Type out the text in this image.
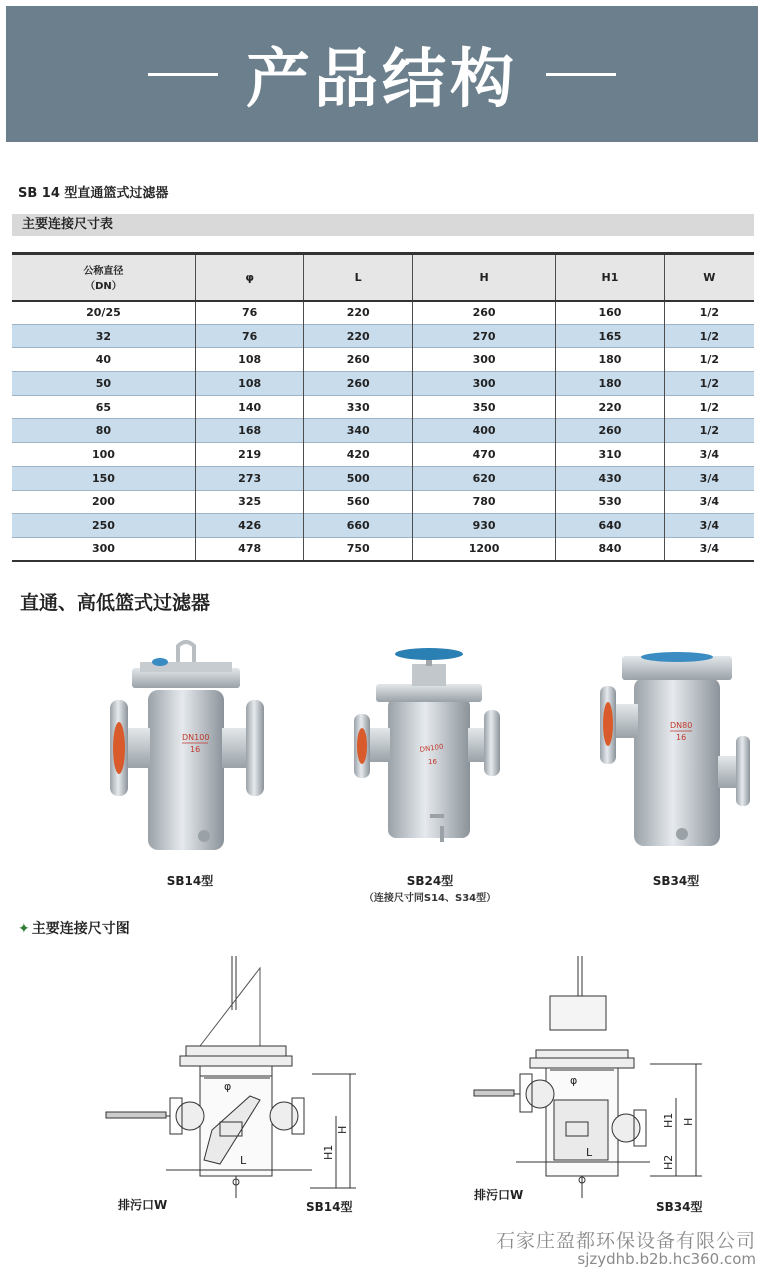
产品结构
SB 14 型直通篮式过滤器
主要连接尺寸表
公称直径
（DN）	φ	L	H	H1	W
20/25	76	220	260	160	1/2
32	76	220	270	165	1/2
40	108	260	300	180	1/2
50	108	260	300	180	1/2
65	140	330	350	220	1/2
80	168	340	400	260	1/2
100	219	420	470	310	3/4
150	273	500	620	430	3/4
200	325	560	780	530	3/4
250	426	660	930	640	3/4
300	478	750	1200	840	3/4
直通、高低篮式过滤器
DN100
16
SB14型
DN100
16
SB24型
（连接尺寸同S14、S34型）
DN80
16
SB34型
✦ 主要连接尺寸图
φ
L
H
H1
排污口W	SB14型
φ
L
H
H1
H2
排污口W
SB34型
石家庄盈都环保设备有限公司
sjzydhb.b2b.hc360.com
